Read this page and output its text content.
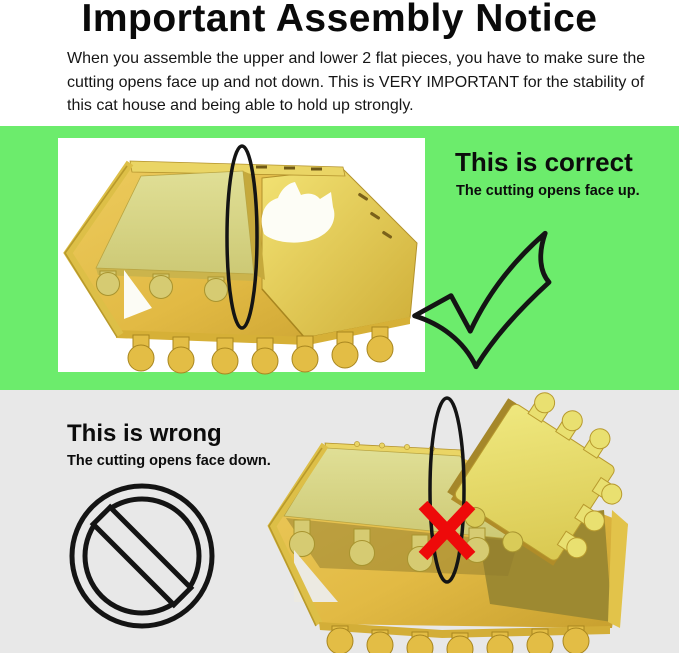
Important Assembly Notice

When you assemble the upper and lower 2 flat pieces, you have to make sure the
cutting opens face up and not down. This is VERY IMPORTANT for the stability of
this cat house and being able to hold up strongly.

This is correct

The cutting opens face up.

This is wrong

The cutting opens face down.
